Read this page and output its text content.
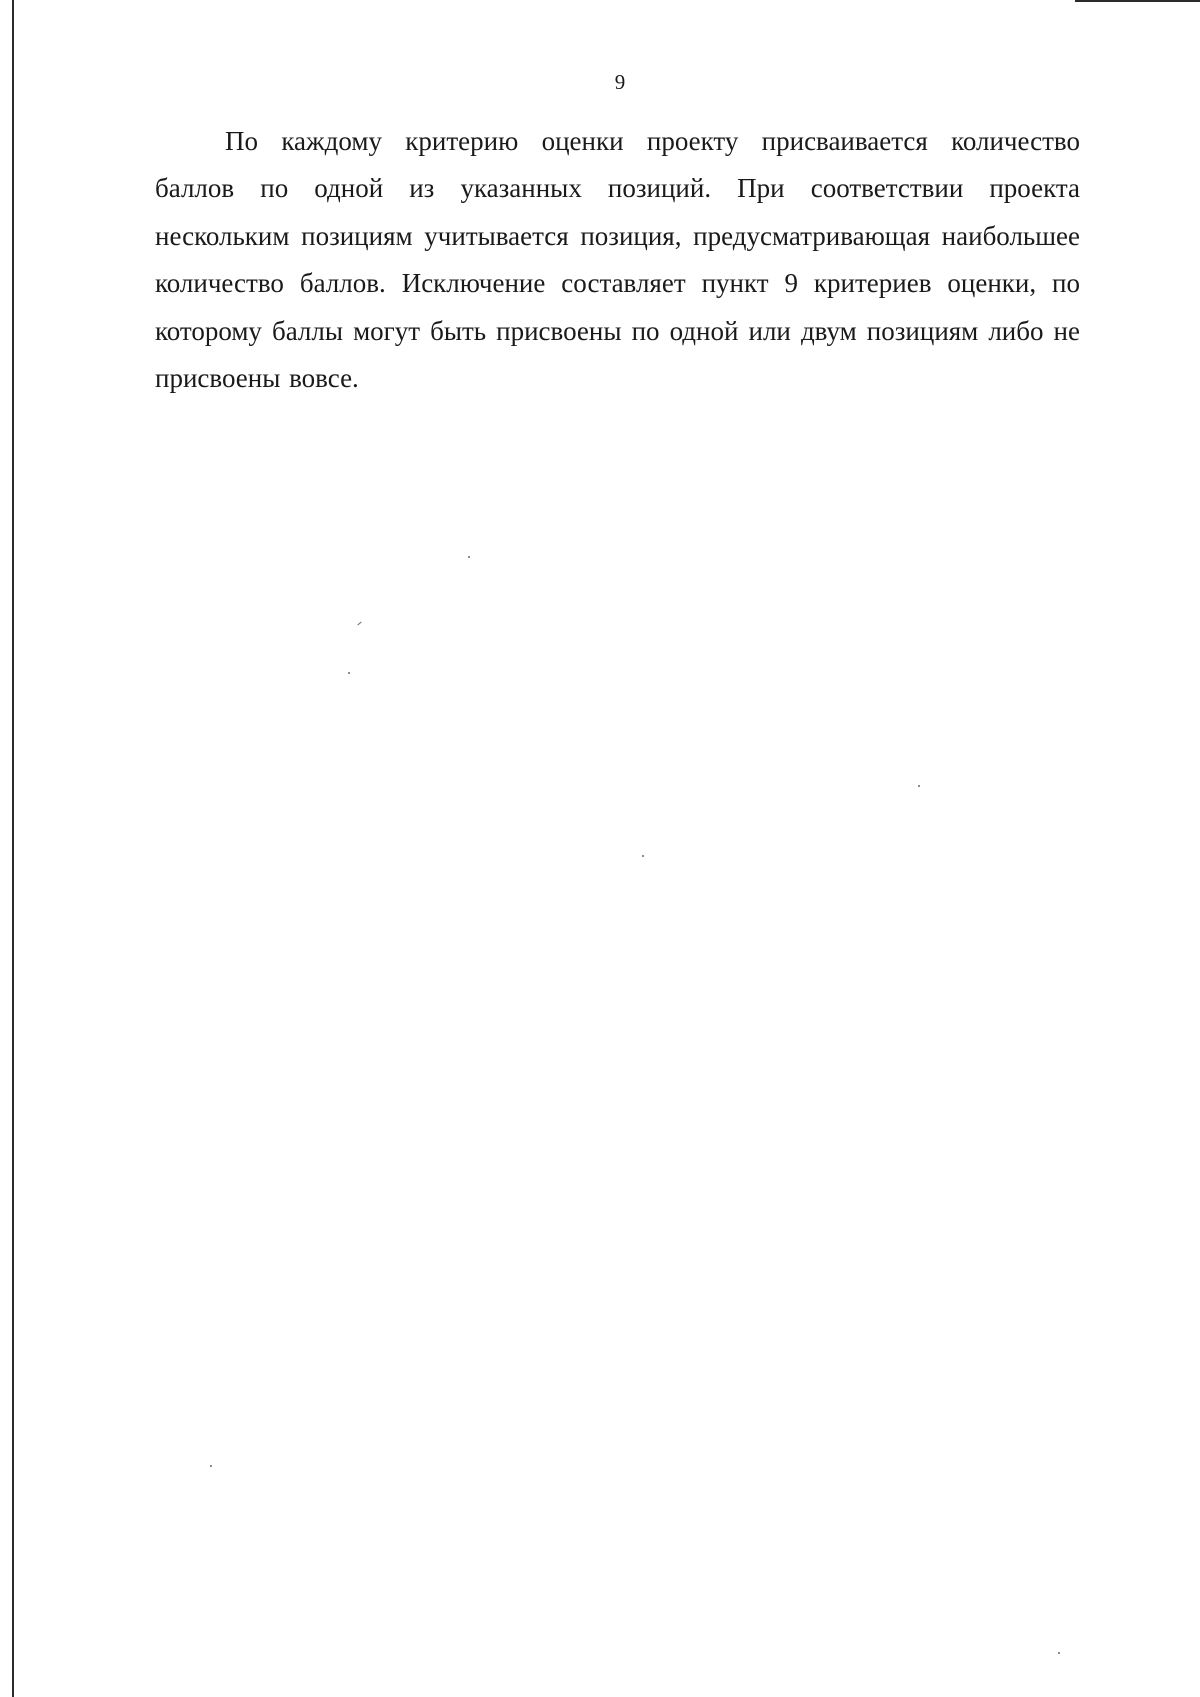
9

По каждому критерию оценки проекту присваивается количество баллов по одной из указанных позиций. При соответствии проекта нескольким позициям учитывается позиция, предусматривающая наибольшее количество баллов. Исключение составляет пункт 9 критериев оценки, по которому баллы могут быть присвоены по одной или двум позициям либо не присвоены вовсе.
